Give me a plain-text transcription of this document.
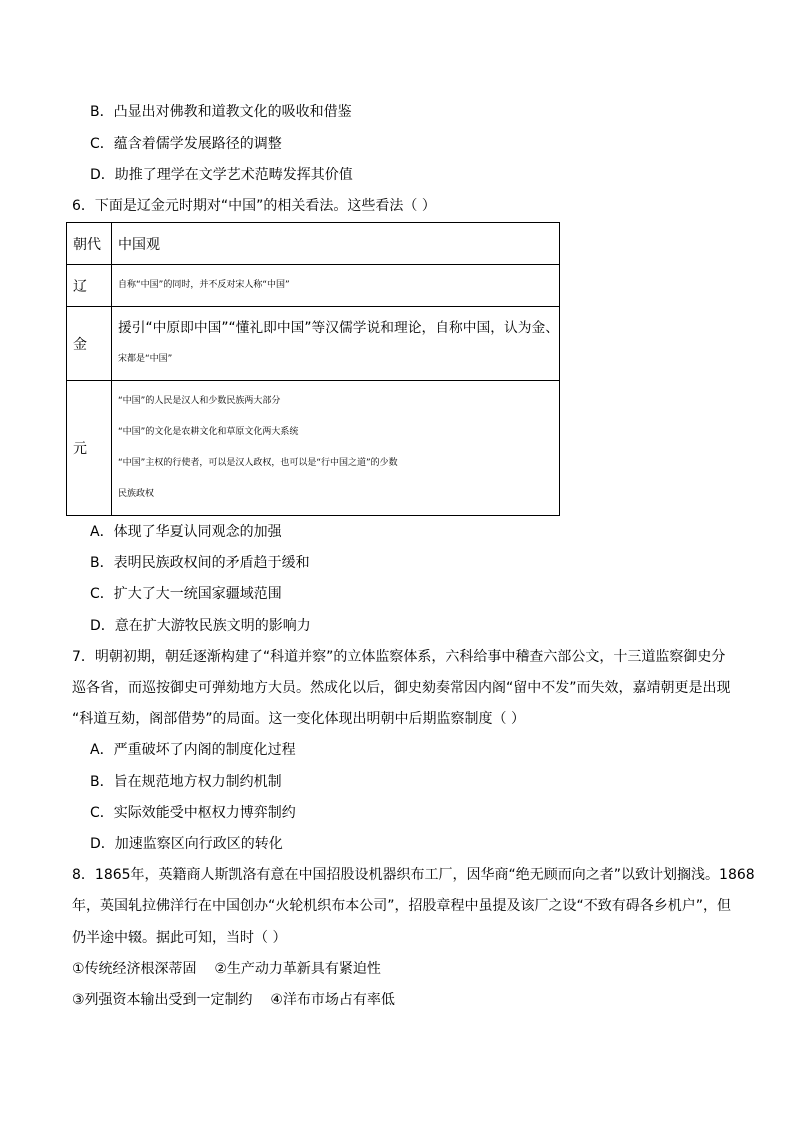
B．凸显出对佛教和道教文化的吸收和借鉴
C．蕴含着儒学发展路径的调整
D．助推了理学在文学艺术范畴发挥其价值
6．下面是辽金元时期对“中国”的相关看法。这些看法（ ）
朝代	中国观
辽	自称“中国”的同时，并不反对宋人称“中国”

金	援引“中原即中国”“懂礼即中国”等汉儒学说和理论，自称中国，认为金、
宋都是“中国”

元	“中国”的人民是汉人和少数民族两大部分
“中国”的文化是农耕文化和草原文化两大系统
“中国”主权的行使者，可以是汉人政权，也可以是“行中国之道”的少数
民族政权
A．体现了华夏认同观念的加强
B．表明民族政权间的矛盾趋于缓和
C．扩大了大一统国家疆域范围
D．意在扩大游牧民族文明的影响力
7．明朝初期，朝廷逐渐构建了“科道并察”的立体监察体系，六科给事中稽查六部公文，十三道监察御史分
巡各省，而巡按御史可弹劾地方大员。然成化以后，御史劾奏常因内阁“留中不发”而失效，嘉靖朝更是出现
“科道互劾，阁部借势”的局面。这一变化体现出明朝中后期监察制度（ ）
A．严重破坏了内阁的制度化过程
B．旨在规范地方权力制约机制
C．实际效能受中枢权力博弈制约
D．加速监察区向行政区的转化
8．1865年，英籍商人斯凯洛有意在中国招股设机器织布工厂，因华商“绝无顾而向之者”以致计划搁浅。1868
年，英国轧拉佛洋行在中国创办“火轮机织布本公司”，招股章程中虽提及该厂之设“不致有碍各乡机户”，但
仍半途中辍。据此可知，当时（ ）
①传统经济根深蒂固    ②生产动力革新具有紧迫性
③列强资本输出受到一定制约    ④洋布市场占有率低
